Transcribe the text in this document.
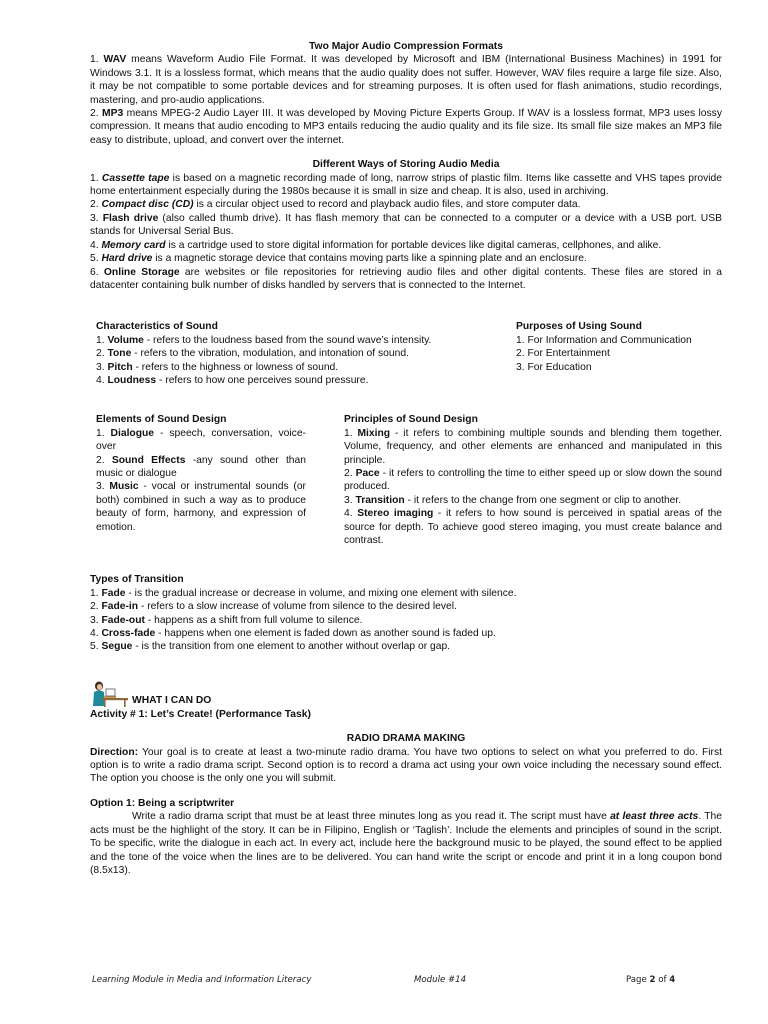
Two Major Audio Compression Formats

1. WAV means Waveform Audio File Format. It was developed by Microsoft and IBM (International Business Machines) in 1991 for Windows 3.1. It is a lossless format, which means that the audio quality does not suffer. However, WAV files require a large file size. Also, it may be not compatible to some portable devices and for streaming purposes. It is often used for flash animations, studio recordings, mastering, and pro-audio applications.

2. MP3 means MPEG-2 Audio Layer III. It was developed by Moving Picture Experts Group. If WAV is a lossless format, MP3 uses lossy compression. It means that audio encoding to MP3 entails reducing the audio quality and its file size. Its small file size makes an MP3 file easy to distribute, upload, and convert over the internet.

Different Ways of Storing Audio Media

1. Cassette tape is based on a magnetic recording made of long, narrow strips of plastic film. Items like cassette and VHS tapes provide home entertainment especially during the 1980s because it is small in size and cheap. It is also, used in archiving.

2. Compact disc (CD) is a circular object used to record and playback audio files, and store computer data.

3. Flash drive (also called thumb drive). It has flash memory that can be connected to a computer or a device with a USB port. USB stands for Universal Serial Bus.

4. Memory card is a cartridge used to store digital information for portable devices like digital cameras, cellphones, and alike.

5. Hard drive is a magnetic storage device that contains moving parts like a spinning plate and an enclosure.

6. Online Storage are websites or file repositories for retrieving audio files and other digital contents. These files are stored in a datacenter containing bulk number of disks handled by servers that is connected to the Internet.

Characteristics of Sound
1. Volume - refers to the loudness based from the sound wave’s intensity.
2. Tone - refers to the vibration, modulation, and intonation of sound.
3. Pitch - refers to the highness or lowness of sound.
4. Loudness - refers to how one perceives sound pressure.
Purposes of Using Sound
1. For Information and Communication
2. For Entertainment
3. For Education
Elements of Sound Design

1. Dialogue - speech, conversation, voice-over

2. Sound Effects -any sound other than music or dialogue

3. Music - vocal or instrumental sounds (or both) combined in such a way as to produce beauty of form, harmony, and expression of emotion.

Principles of Sound Design

1. Mixing - it refers to combining multiple sounds and blending them together. Volume, frequency, and other elements are enhanced and manipulated in this principle.

2. Pace - it refers to controlling the time to either speed up or slow down the sound produced.

3. Transition - it refers to the change from one segment or clip to another.

4. Stereo imaging - it refers to how sound is perceived in spatial areas of the source for depth. To achieve good stereo imaging, you must create balance and contrast.

Types of Transition
1. Fade - is the gradual increase or decrease in volume, and mixing one element with silence.
2. Fade-in - refers to a slow increase of volume from silence to the desired level.
3. Fade-out - happens as a shift from full volume to silence.
4. Cross-fade - happens when one element is faded down as another sound is faded up.
5. Segue - is the transition from one element to another without overlap or gap.
WHAT I CAN DO
Activity # 1: Let’s Create! (Performance Task)
RADIO DRAMA MAKING

Direction: Your goal is to create at least a two-minute radio drama. You have two options to select on what you preferred to do. First option is to write a radio drama script. Second option is to record a drama act using your own voice including the necessary sound effect. The option you choose is the only one you will submit.

Option 1: Being a scriptwriter

Write a radio drama script that must be at least three minutes long as you read it. The script must have at least three acts. The acts must be the highlight of the story. It can be in Filipino, English or ‘Taglish’. Include the elements and principles of sound in the script. To be specific, write the dialogue in each act. In every act, include here the background music to be played, the sound effect to be applied and the tone of the voice when the lines are to be delivered. You can hand write the script or encode and print it in a long coupon bond (8.5x13).

Learning Module in Media and Information Literacy	Module #14	Page 2 of 4
